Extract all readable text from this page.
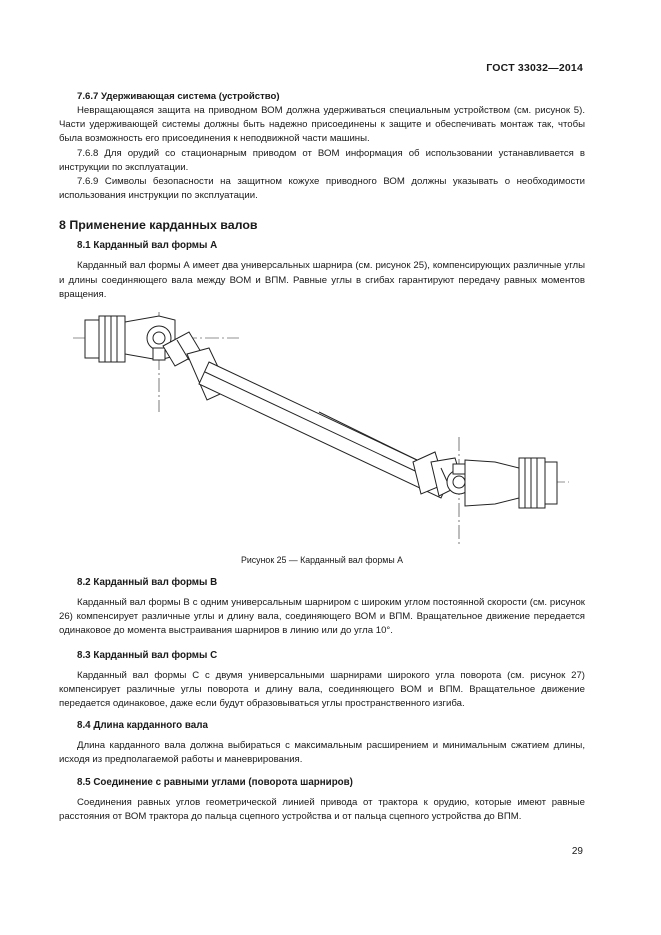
ГОСТ 33032—2014
7.6.7 Удерживающая система (устройство)

Невращающаяся защита на приводном ВОМ должна удерживаться специальным устройством (см. рисунок 5). Части удерживающей системы должны быть надежно присоединены к защите и обеспечивать монтаж так, чтобы была возможность его присоединения к неподвижной части машины.

7.6.8 Для орудий со стационарным приводом от ВОМ информация об использовании устанавливается в инструкции по эксплуатации.

7.6.9 Символы безопасности на защитном кожухе приводного ВОМ должны указывать о необходимости использования инструкции по эксплуатации.

8 Применение карданных валов
8.1 Карданный вал формы А

Карданный вал формы А имеет два универсальных шарнира (см. рисунок 25), компенсирующих различные углы и длины соединяющего вала между ВОМ и ВПМ. Равные углы в сгибах гарантируют передачу равных моментов вращения.

Рисунок 25 — Карданный вал формы А
8.2 Карданный вал формы В

Карданный вал формы В с одним универсальным шарниром с широким углом постоянной скорости (см. рисунок 26) компенсирует различные углы и длину вала, соединяющего ВОМ и ВПМ. Вращательное движение передается одинаковое до момента выстраивания шарниров в линию или до угла 10°.

8.3 Карданный вал формы С

Карданный вал формы С с двумя универсальными шарнирами широкого угла поворота (см. рисунок 27) компенсирует различные углы поворота и длину вала, соединяющего ВОМ и ВПМ. Вращательное движение передается одинаковое, даже если будут образовываться углы пространственного изгиба.

8.4 Длина карданного вала

Длина карданного вала должна выбираться с максимальным расширением и минимальным сжатием длины, исходя из предполагаемой работы и маневрирования.

8.5 Соединение с равными углами (поворота шарниров)

Соединения равных углов геометрической линией привода от трактора к орудию, которые имеют равные расстояния от ВОМ трактора до пальца сцепного устройства и от пальца сцепного устройства до ВПМ.

29
